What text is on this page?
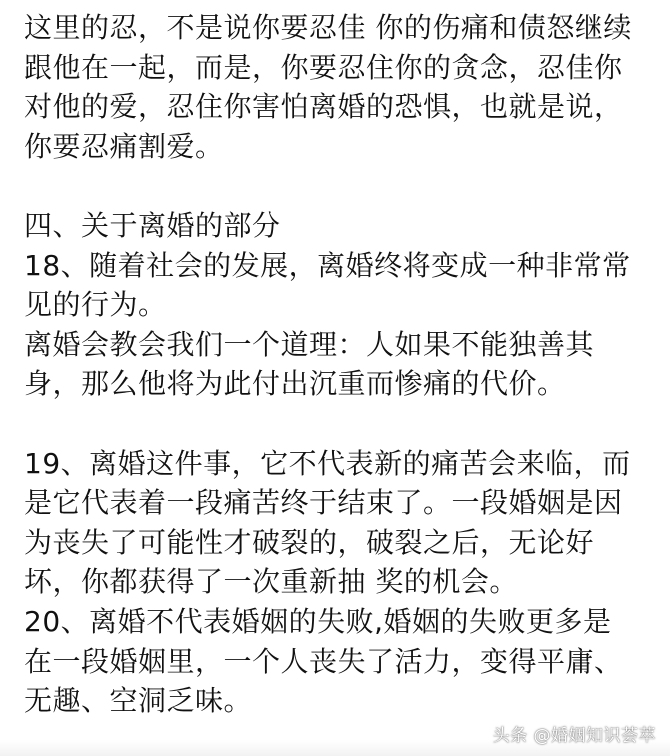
这里的忍，不是说你要忍佳 你的伤痛和债怒继续
跟他在一起，而是，你要忍住你的贪念，忍佳你
对他的爱，忍住你害怕离婚的恐惧，也就是说，
你要忍痛割爱。
四、关于离婚的部分
18、随着社会的发展，离婚终将变成一种非常常
见的行为。
离婚会教会我们一个道理：人如果不能独善其
身，那么他将为此付出沉重而惨痛的代价。
19、离婚这件事，它不代表新的痛苦会来临，而
是它代表着一段痛苦终于结束了。一段婚姻是因
为丧失了可能性才破裂的，破裂之后，无论好
坏，你都获得了一次重新抽 奖的机会。
20、离婚不代表婚姻的失败,婚姻的失败更多是
在一段婚姻里，一个人丧失了活力，变得平庸、
无趣、空洞乏味。
头条 @婚姻知识荟萃
